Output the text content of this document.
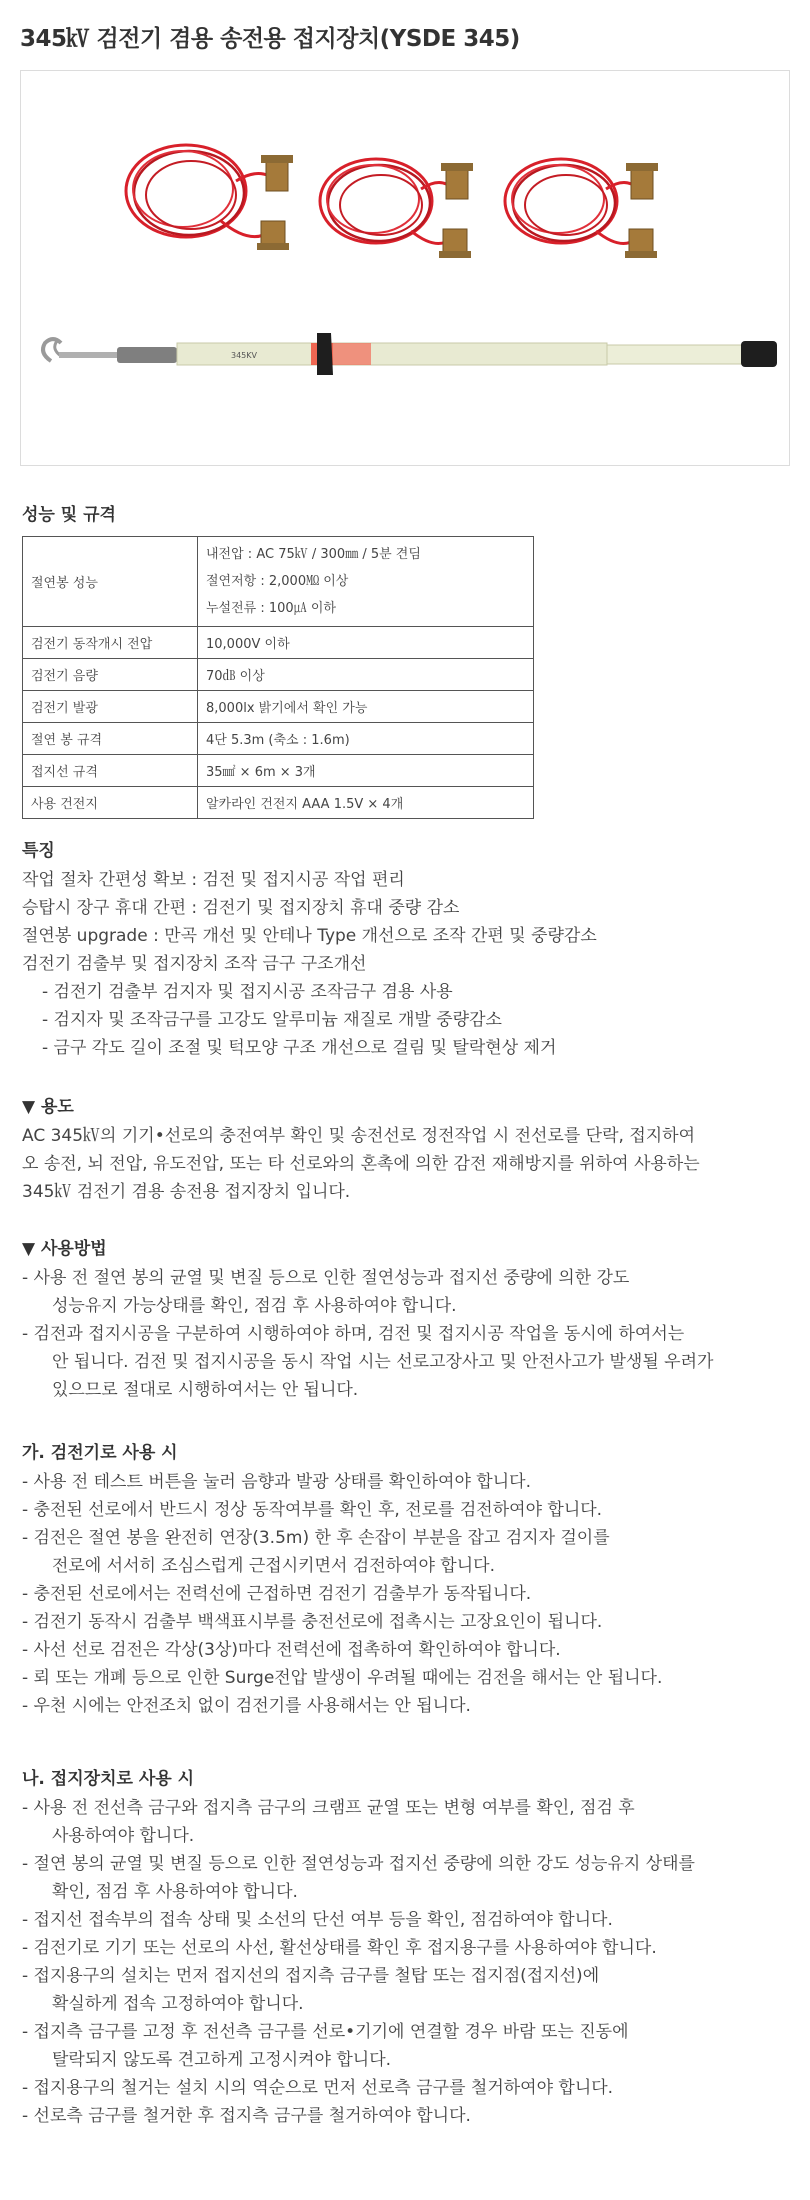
345㎸ 검전기 겸용 송전용 접지장치(YSDE 345)
345KV
성능 및 규격
절연봉 성능	내전압 : AC 75㎸ / 300㎜ / 5분 견딤
절연저항 : 2,000㏁ 이상
누설전류 : 100㎂ 이하

검전기 동작개시 전압	10,000V 이하
검전기 음량	70㏈ 이상
검전기 발광	8,000lx 밝기에서 확인 가능
절연 봉 규격	4단 5.3m (축소 : 1.6m)
접지선 규격	35㎟ × 6m × 3개
사용 건전지	알카라인 건전지 AAA 1.5V × 4개
특징
작업 절차 간편성 확보 : 검전 및 접지시공 작업 편리
승탑시 장구 휴대 간편 : 검전기 및 접지장치 휴대 중량 감소
절연봉 upgrade : 만곡 개선 및 안테나 Type 개선으로 조작 간편 및 중량감소
검전기 검출부 및 접지장치 조작 금구 구조개선
- 검전기 검출부 검지자 및 접지시공 조작금구 겸용 사용
- 검지자 및 조작금구를 고강도 알루미늄 재질로 개발 중량감소
- 금구 각도 길이 조절 및 턱모양 구조 개선으로 걸림 및 탈락현상 제거
▼ 용도
AC 345㎸의 기기•선로의 충전여부 확인 및 송전선로 정전작업 시 전선로를 단락, 접지하여
오 송전, 뇌 전압, 유도전압, 또는 타 선로와의 혼촉에 의한 감전 재해방지를 위하여 사용하는
345㎸ 검전기 겸용 송전용 접지장치 입니다.
▼ 사용방법
- 사용 전 절연 봉의 균열 및 변질 등으로 인한 절연성능과 접지선 중량에 의한 강도
성능유지 가능상태를 확인, 점검 후 사용하여야 합니다.
- 검전과 접지시공을 구분하여 시행하여야 하며, 검전 및 접지시공 작업을 동시에 하여서는
안 됩니다. 검전 및 접지시공을 동시 작업 시는 선로고장사고 및 안전사고가 발생될 우려가
있으므로 절대로 시행하여서는 안 됩니다.
가. 검전기로 사용 시
- 사용 전 테스트 버튼을 눌러 음향과 발광 상태를 확인하여야 합니다.
- 충전된 선로에서 반드시 정상 동작여부를 확인 후, 전로를 검전하여야 합니다.
- 검전은 절연 봉을 완전히 연장(3.5m) 한 후 손잡이 부분을 잡고 검지자 걸이를
전로에 서서히 조심스럽게 근접시키면서 검전하여야 합니다.
- 충전된 선로에서는 전력선에 근접하면 검전기 검출부가 동작됩니다.
- 검전기 동작시 검출부 백색표시부를 충전선로에 접촉시는 고장요인이 됩니다.
- 사선 선로 검전은 각상(3상)마다 전력선에 접촉하여 확인하여야 합니다.
- 뢰 또는 개폐 등으로 인한 Surge전압 발생이 우려될 때에는 검전을 해서는 안 됩니다.
- 우천 시에는 안전조치 없이 검전기를 사용해서는 안 됩니다.
나. 접지장치로 사용 시
- 사용 전 전선측 금구와 접지측 금구의 크램프 균열 또는 변형 여부를 확인, 점검 후
사용하여야 합니다.
- 절연 봉의 균열 및 변질 등으로 인한 절연성능과 접지선 중량에 의한 강도 성능유지 상태를
확인, 점검 후 사용하여야 합니다.
- 접지선 접속부의 접속 상태 및 소선의 단선 여부 등을 확인, 점검하여야 합니다.
- 검전기로 기기 또는 선로의 사선, 활선상태를 확인 후 접지용구를 사용하여야 합니다.
- 접지용구의 설치는 먼저 접지선의 접지측 금구를 철탑 또는 접지점(접지선)에
확실하게 접속 고정하여야 합니다.
- 접지측 금구를 고정 후 전선측 금구를 선로•기기에 연결할 경우 바람 또는 진동에
탈락되지 않도록 견고하게 고정시켜야 합니다.
- 접지용구의 철거는 설치 시의 역순으로 먼저 선로측 금구를 철거하여야 합니다.
- 선로측 금구를 철거한 후 접지측 금구를 철거하여야 합니다.
